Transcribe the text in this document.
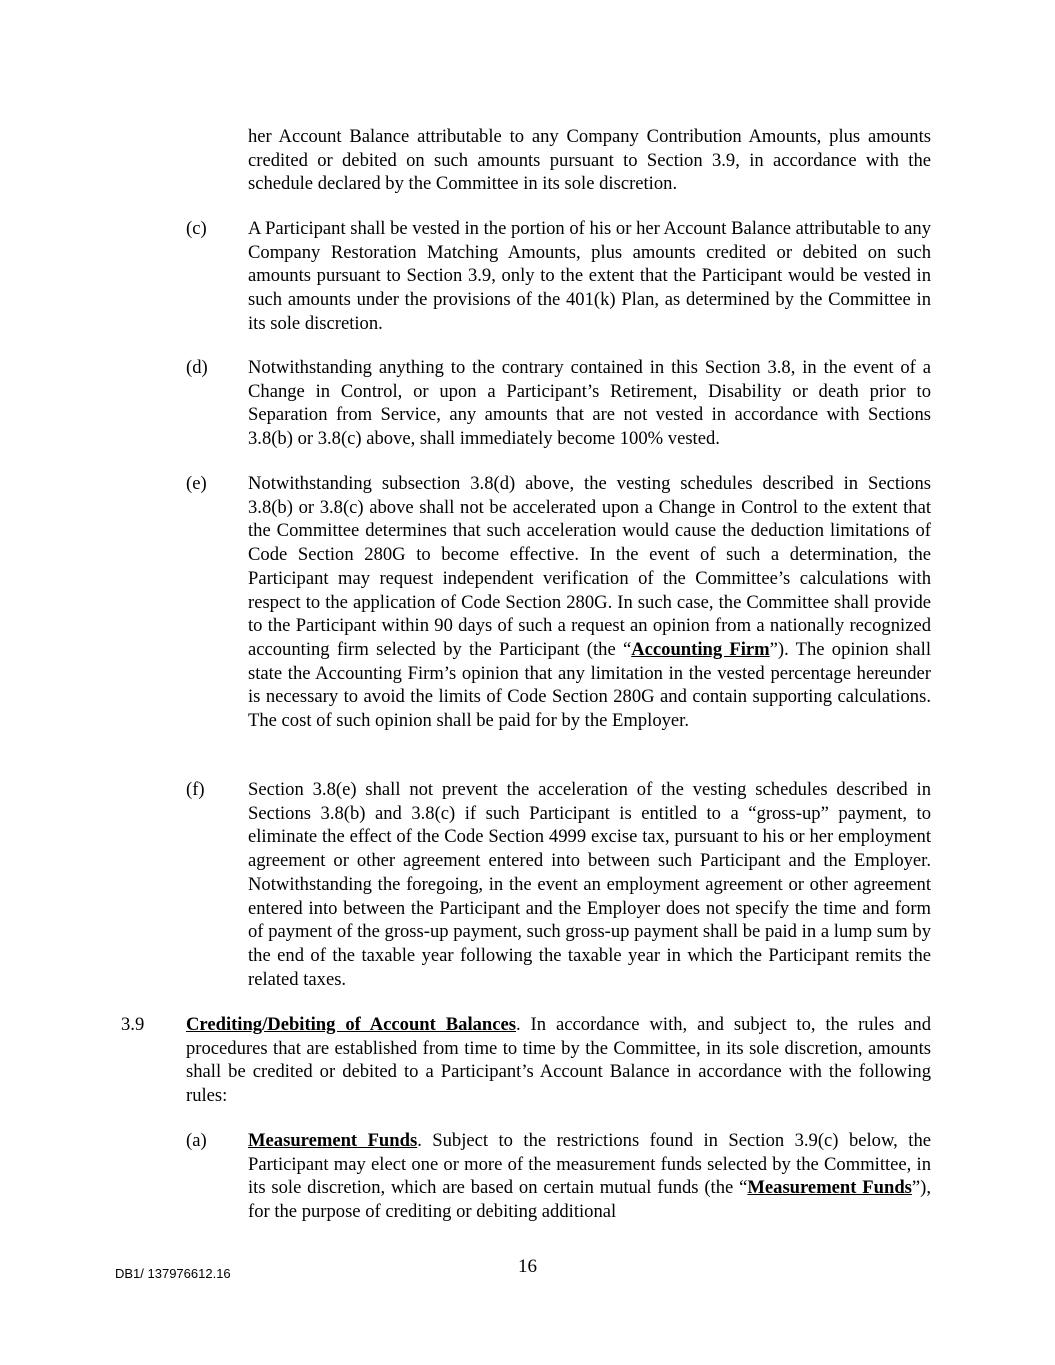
her Account Balance attributable to any Company Contribution Amounts, plus amounts credited or debited on such amounts pursuant to Section 3.9, in accordance with the schedule declared by the Committee in its sole discretion.

(c) A Participant shall be vested in the portion of his or her Account Balance attributable to any Company Restoration Matching Amounts, plus amounts credited or debited on such amounts pursuant to Section 3.9, only to the extent that the Participant would be vested in such amounts under the provisions of the 401(k) Plan, as determined by the Committee in its sole discretion.

(d) Notwithstanding anything to the contrary contained in this Section 3.8, in the event of a Change in Control, or upon a Participant’s Retirement, Disability or death prior to Separation from Service, any amounts that are not vested in accordance with Sections 3.8(b) or 3.8(c) above, shall immediately become 100% vested.

(e) Notwithstanding subsection 3.8(d) above, the vesting schedules described in Sections 3.8(b) or 3.8(c) above shall not be accelerated upon a Change in Control to the extent that the Committee determines that such acceleration would cause the deduction limitations of Code Section 280G to become effective. In the event of such a determination, the Participant may request independent verification of the Committee’s calculations with respect to the application of Code Section 280G. In such case, the Committee shall provide to the Participant within 90 days of such a request an opinion from a nationally recognized accounting firm selected by the Participant (the “Accounting Firm”). The opinion shall state the Accounting Firm’s opinion that any limitation in the vested percentage hereunder is necessary to avoid the limits of Code Section 280G and contain supporting calculations. The cost of such opinion shall be paid for by the Employer.

(f) Section 3.8(e) shall not prevent the acceleration of the vesting schedules described in Sections 3.8(b) and 3.8(c) if such Participant is entitled to a “gross-up” payment, to eliminate the effect of the Code Section 4999 excise tax, pursuant to his or her employment agreement or other agreement entered into between such Participant and the Employer. Notwithstanding the foregoing, in the event an employment agreement or other agreement entered into between the Participant and the Employer does not specify the time and form of payment of the gross-up payment, such gross-up payment shall be paid in a lump sum by the end of the taxable year following the taxable year in which the Participant remits the related taxes.

3.9 Crediting/Debiting of Account Balances. In accordance with, and subject to, the rules and procedures that are established from time to time by the Committee, in its sole discretion, amounts shall be credited or debited to a Participant’s Account Balance in accordance with the following rules:

(a) Measurement Funds. Subject to the restrictions found in Section 3.9(c) below, the Participant may elect one or more of the measurement funds selected by the Committee, in its sole discretion, which are based on certain mutual funds (the “Measurement Funds”), for the purpose of crediting or debiting additional

DB1/ 137976612.16	16
